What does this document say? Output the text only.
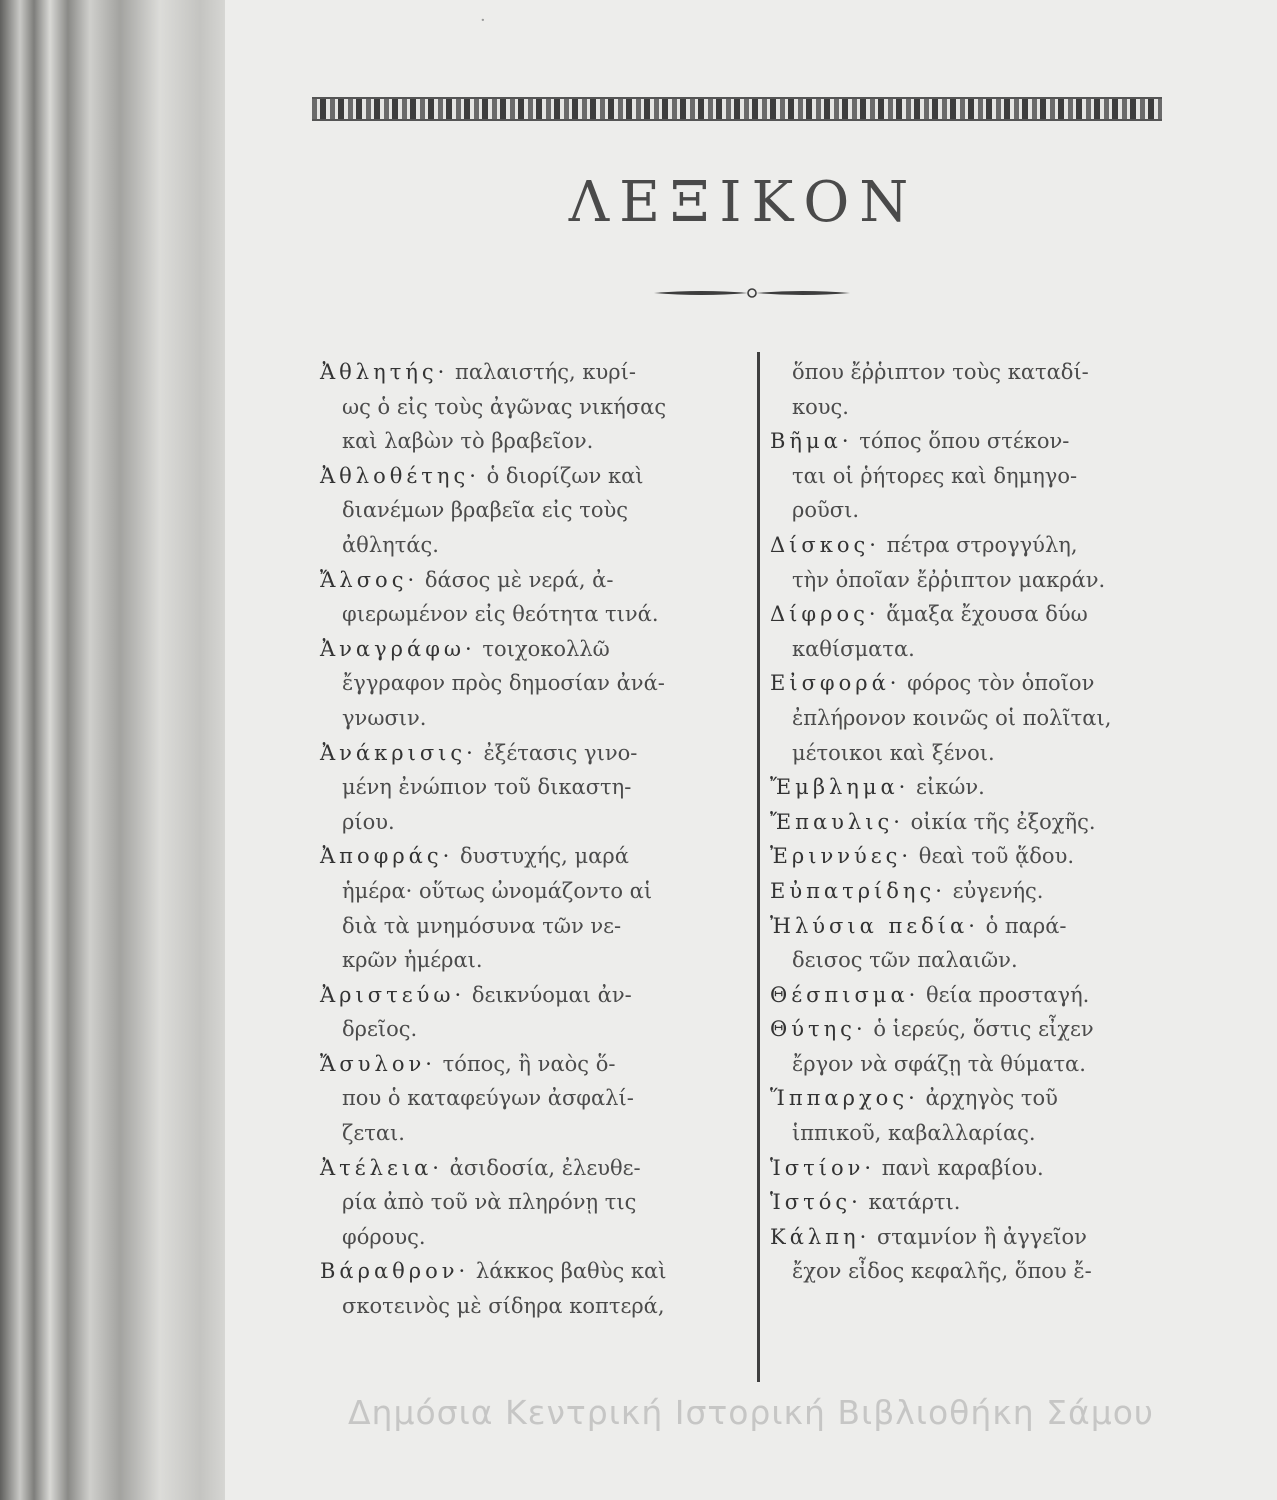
·
ΛΕΞΙΚΟΝ
Ἀθλητής· παλαιστής, κυρί-
ως ὁ εἰς τοὺς ἀγῶνας νικήσας
καὶ λαβὼν τὸ βραβεῖον.
Ἀθλοθέτης· ὁ διορίζων καὶ
διανέμων βραβεῖα εἰς τοὺς
ἀθλητάς.
Ἄλσος· δάσος μὲ νερά, ἀ-
φιερωμένον εἰς θεότητα τινά.
Ἀναγράφω· τοιχοκολλῶ
ἔγγραφον πρὸς δημοσίαν ἀνά-
γνωσιν.
Ἀνάκρισις· ἐξέτασις γινο-
μένη ἐνώπιον τοῦ δικαστη-
ρίου.
Ἀποφράς· δυστυχής, μαρά
ἡμέρα· οὕτως ὠνομάζοντο αἱ
διὰ τὰ μνημόσυνα τῶν νε-
κρῶν ἡμέραι.
Ἀριστεύω· δεικνύομαι ἀν-
δρεῖος.
Ἄσυλον· τόπος, ἢ ναὸς ὅ-
που ὁ καταφεύγων ἀσφαλί-
ζεται.
Ἀτέλεια· ἀσιδοσία, ἐλευθε-
ρία ἀπὸ τοῦ νὰ πληρόνῃ τις
φόρους.
Βάραθρον· λάκκος βαθὺς καὶ
σκοτεινὸς μὲ σίδηρα κοπτερά,
ὅπου ἔῤῥιπτον τοὺς καταδί-
κους.
Βῆμα· τόπος ὅπου στέκον-
ται οἱ ῥήτορες καὶ δημηγο-
ροῦσι.
Δίσκος· πέτρα στρογγύλη,
τὴν ὁποῖαν ἔῤῥιπτον μακράν.
Δίφρος· ἅμαξα ἔχουσα δύω
καθίσματα.
Εἰσφορά· φόρος τὸν ὁποῖον
ἐπλήρονον κοινῶς οἱ πολῖται,
μέτοικοι καὶ ξένοι.
Ἔμβλημα· εἰκών.
Ἔπαυλις· οἰκία τῆς ἐξοχῆς.
Ἐριννύες· θεαὶ τοῦ ᾅδου.
Εὐπατρίδης· εὐγενής.
Ἠλύσια πεδία· ὁ παρά-
δεισος τῶν παλαιῶν.
Θέσπισμα· θεία προσταγή.
Θύτης· ὁ ἱερεύς, ὅστις εἶχεν
ἔργον νὰ σφάζῃ τὰ θύματα.
Ἵππαρχος· ἀρχηγὸς τοῦ
ἱππικοῦ, καβαλλαρίας.
Ἱστίον· πανὶ καραβίου.
Ἱστός· κατάρτι.
Κάλπη· σταμνίον ἢ ἀγγεῖον
ἔχον εἶδος κεφαλῆς, ὅπου ἔ-
Δημόσια Κεντρική Ιστορική Βιβλιοθήκη Σάμου
